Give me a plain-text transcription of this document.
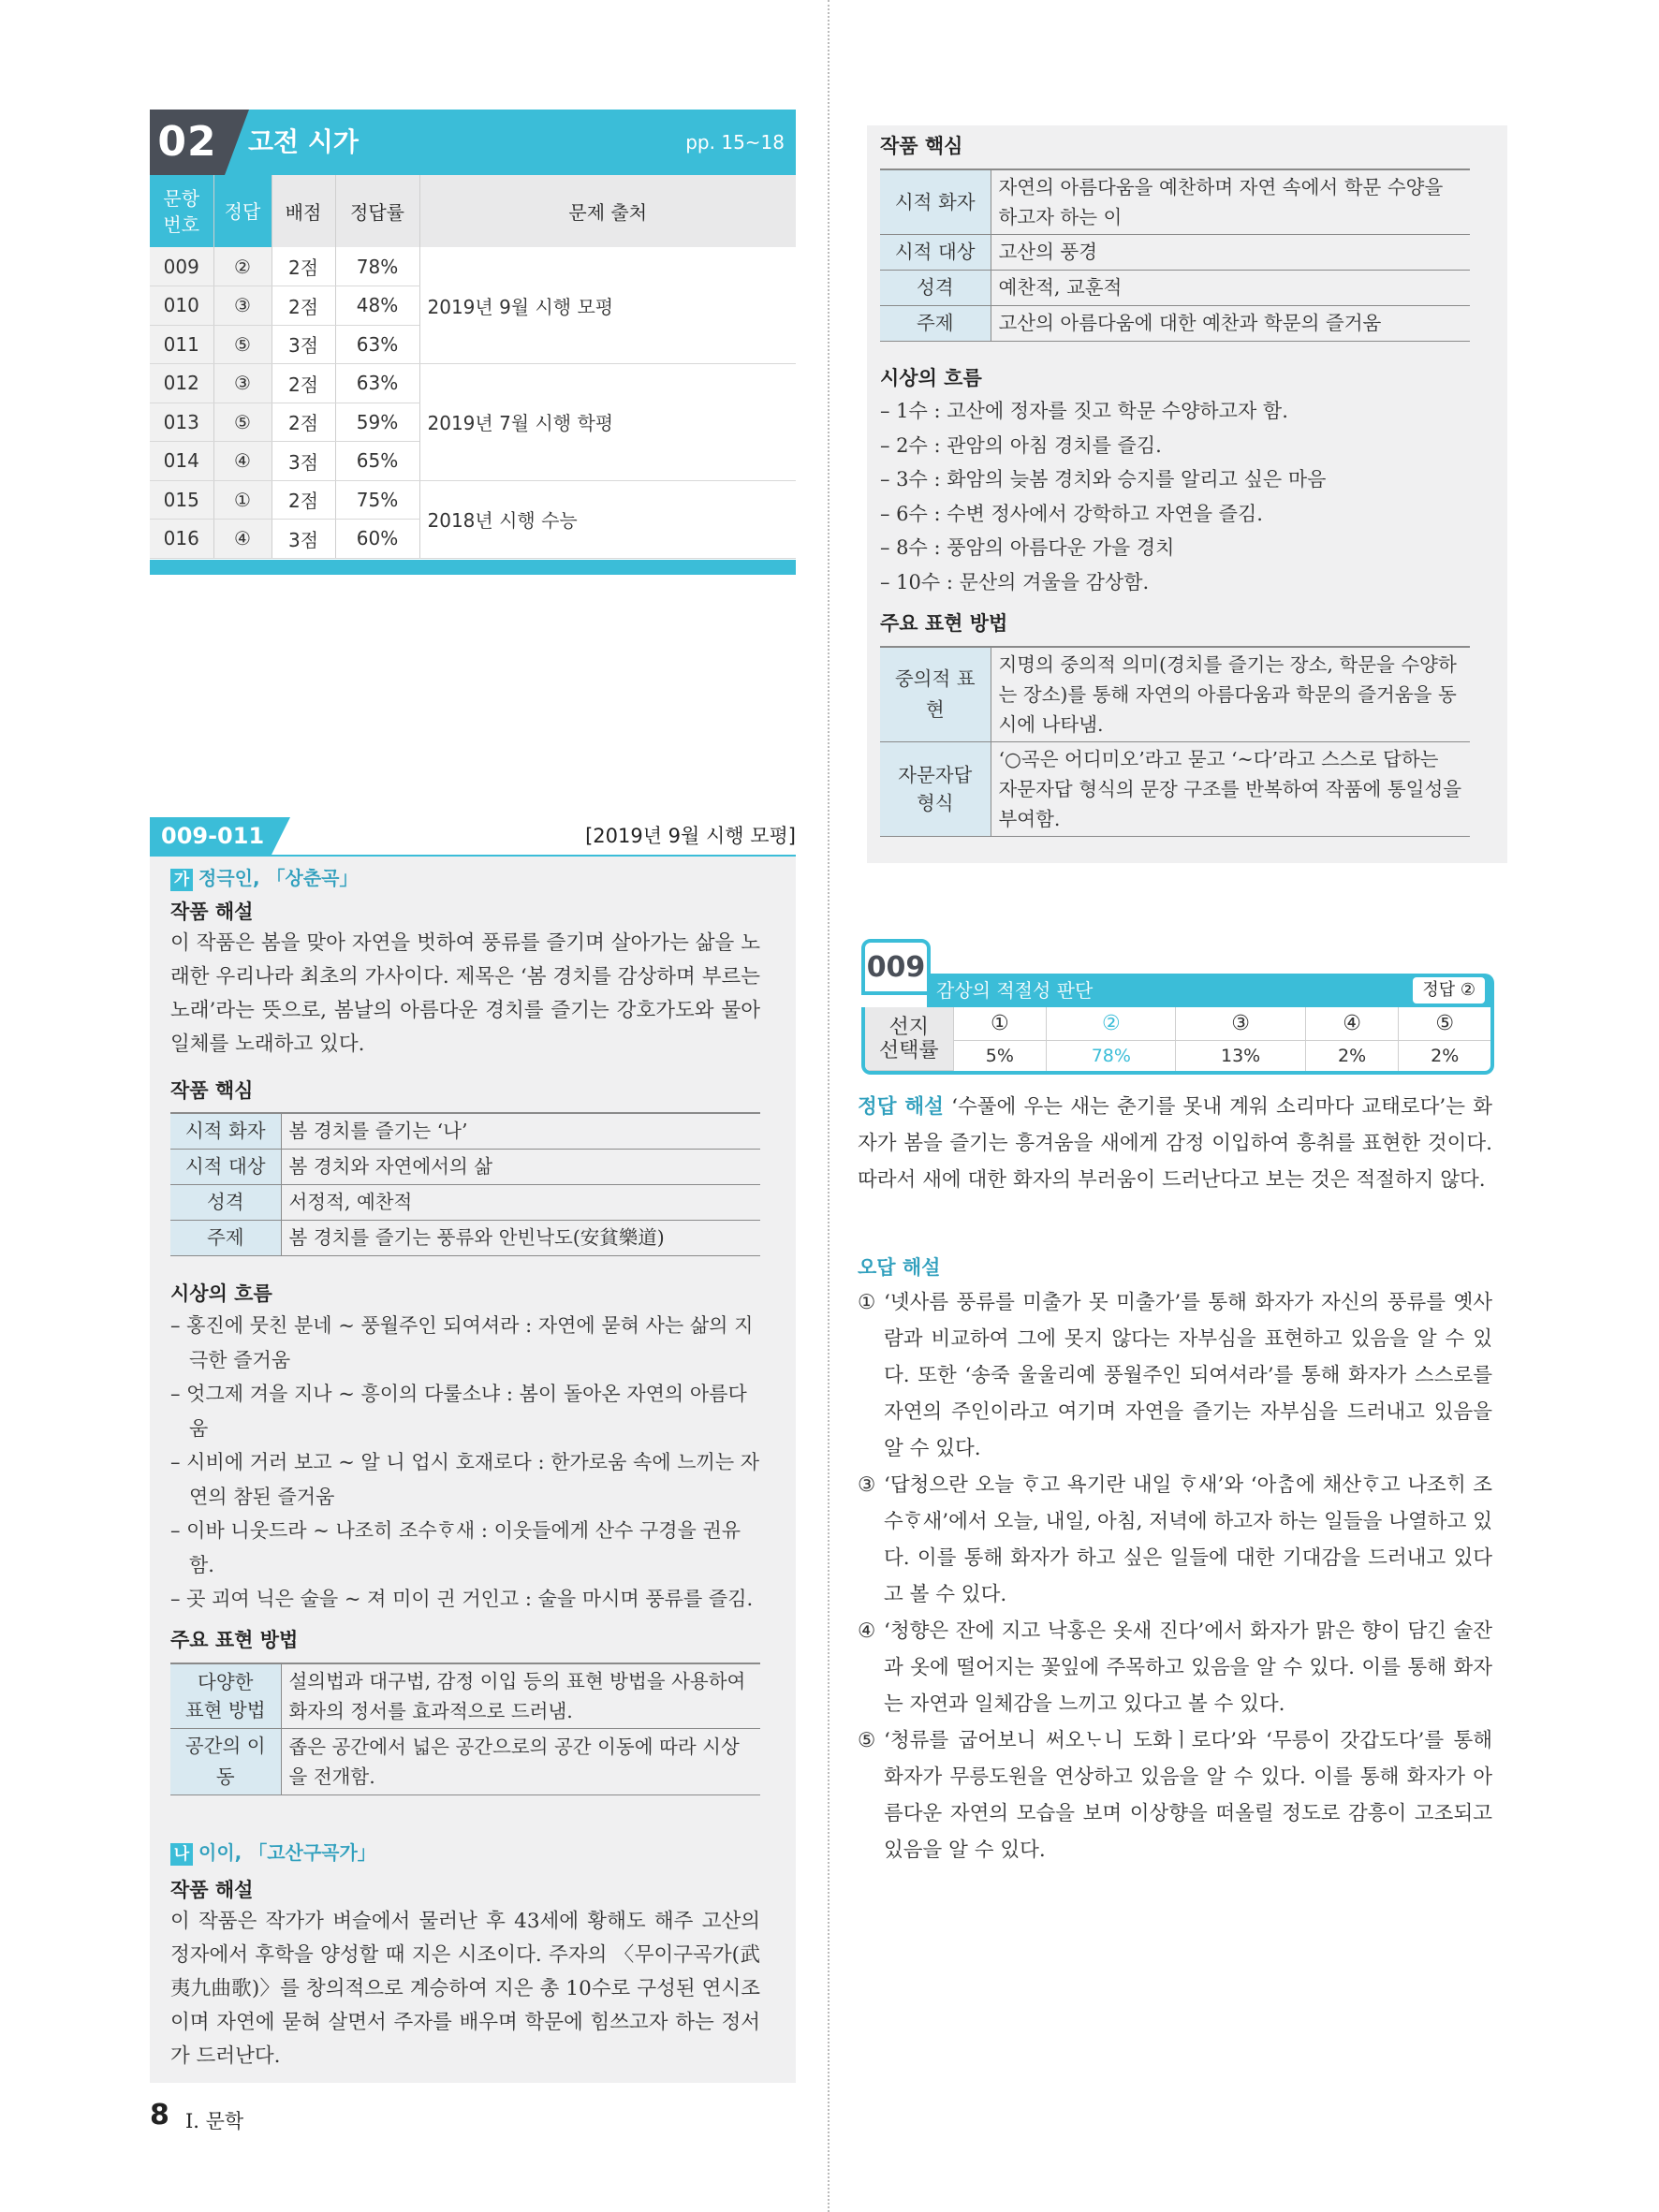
02 고전 시가	pp. 15~18
문항
번호	정답	배점	정답률	문제 출처
009	②	2점	78%	2019년 9월 시행 모평
010	③	2점	48%	
011	⑤	3점	63%	
012	③	2점	63%	2019년 7월 시행 학평
013	⑤	2점	59%	
014	④	3점	65%	
015	①	2점	75%	2018년 시행 수능
016	④	3점	60%	
009-011	[2019년 9월 시행 모평]
가 정극인, 「상춘곡」
작품 해설
이 작품은 봄을 맞아 자연을 벗하여 풍류를 즐기며 살아가는 삶을 노래한 우리나라 최초의 가사이다. 제목은 ‘봄 경치를 감상하며 부르는 노래’라는 뜻으로, 봄날의 아름다운 경치를 즐기는 강호가도와 물아일체를 노래하고 있다.
작품 핵심
시적 화자	봄 경치를 즐기는 ‘나’
시적 대상	봄 경치와 자연에서의 삶
성격	서정적, 예찬적
주제	봄 경치를 즐기는 풍류와 안빈낙도(安貧樂道)
시상의 흐름
– 홍진에 뭇친 분네 ~ 풍월주인 되여셔라 : 자연에 묻혀 사는 삶의 지극한 즐거움
– 엇그제 겨을 지나 ~ 흥이의 다룰소냐 : 봄이 돌아온 자연의 아름다움
– 시비에 거러 보고 ~ 알 니 업시 호재로다 : 한가로움 속에 느끼는 자연의 참된 즐거움
– 이바 니웃드라 ~ 나조히 조수ᄒᆞ새 : 이웃들에게 산수 구경을 권유함.
– 곳 괴여 닉은 술을 ~ 져 미이 긘 거인고 : 술을 마시며 풍류를 즐김.
주요 표현 방법
다양한
표현 방법	설의법과 대구법, 감정 이입 등의 표현 방법을 사용하여 화자의 정서를 효과적으로 드러냄.
공간의 이동	좁은 공간에서 넓은 공간으로의 공간 이동에 따라 시상을 전개함.
나 이이, 「고산구곡가」
작품 해설
이 작품은 작가가 벼슬에서 물러난 후 43세에 황해도 해주 고산의 정자에서 후학을 양성할 때 지은 시조이다. 주자의 〈무이구곡가(武夷九曲歌)〉를 창의적으로 계승하여 지은 총 10수로 구성된 연시조이며 자연에 묻혀 살면서 주자를 배우며 학문에 힘쓰고자 하는 정서가 드러난다.
작품 핵심
시적 화자	자연의 아름다움을 예찬하며 자연 속에서 학문 수양을 하고자 하는 이
시적 대상	고산의 풍경
성격	예찬적, 교훈적
주제	고산의 아름다움에 대한 예찬과 학문의 즐거움
시상의 흐름
– 1수 : 고산에 정자를 짓고 학문 수양하고자 함.
– 2수 : 관암의 아침 경치를 즐김.
– 3수 : 화암의 늦봄 경치와 승지를 알리고 싶은 마음
– 6수 : 수변 정사에서 강학하고 자연을 즐김.
– 8수 : 풍암의 아름다운 가을 경치
– 10수 : 문산의 겨울을 감상함.
주요 표현 방법
중의적 표현	지명의 중의적 의미(경치를 즐기는 장소, 학문을 수양하는 장소)를 통해 자연의 아름다움과 학문의 즐거움을 동시에 나타냄.
자문자답
형식	‘○곡은 어디미오’라고 묻고 ‘~다’라고 스스로 답하는 자문자답 형식의 문장 구조를 반복하여 작품에 통일성을 부여함.
009
감상의 적절성 판단	정답 ②
선지
선택률	①	②	③	④	⑤
	5%	78%	13%	2%	2%
정답 해설 ‘수풀에 우는 새는 춘기를 못내 계워 소리마다 교태로다’는 화자가 봄을 즐기는 흥겨움을 새에게 감정 이입하여 흥취를 표현한 것이다. 따라서 새에 대한 화자의 부러움이 드러난다고 보는 것은 적절하지 않다.
오답 해설
① ‘넷사름 풍류를 미출가 못 미출가’를 통해 화자가 자신의 풍류를 옛사람과 비교하여 그에 못지 않다는 자부심을 표현하고 있음을 알 수 있다. 또한 ‘송죽 울울리예 풍월주인 되여셔라’를 통해 화자가 스스로를 자연의 주인이라고 여기며 자연을 즐기는 자부심을 드러내고 있음을 알 수 있다.
③ ‘답청으란 오늘 ᄒᆞ고 욕기란 내일 ᄒᆞ새’와 ‘아ᄎᆞᆷ에 채산ᄒᆞ고 나조ᄒᆡ 조수ᄒᆞ새’에서 오늘, 내일, 아침, 저녁에 하고자 하는 일들을 나열하고 있다. 이를 통해 화자가 하고 싶은 일들에 대한 기대감을 드러내고 있다고 볼 수 있다.
④ ‘청향은 잔에 지고 낙홍은 옷새 진다’에서 화자가 맑은 향이 담긴 술잔과 옷에 떨어지는 꽃잎에 주목하고 있음을 알 수 있다. 이를 통해 화자는 자연과 일체감을 느끼고 있다고 볼 수 있다.
⑤ ‘청류를 굽어보니 써오ᄂᆞ니 도화ㅣ로다’와 ‘무릉이 갓갑도다’를 통해 화자가 무릉도원을 연상하고 있음을 알 수 있다. 이를 통해 화자가 아름다운 자연의 모습을 보며 이상향을 떠올릴 정도로 감흥이 고조되고 있음을 알 수 있다.
8 I. 문학
